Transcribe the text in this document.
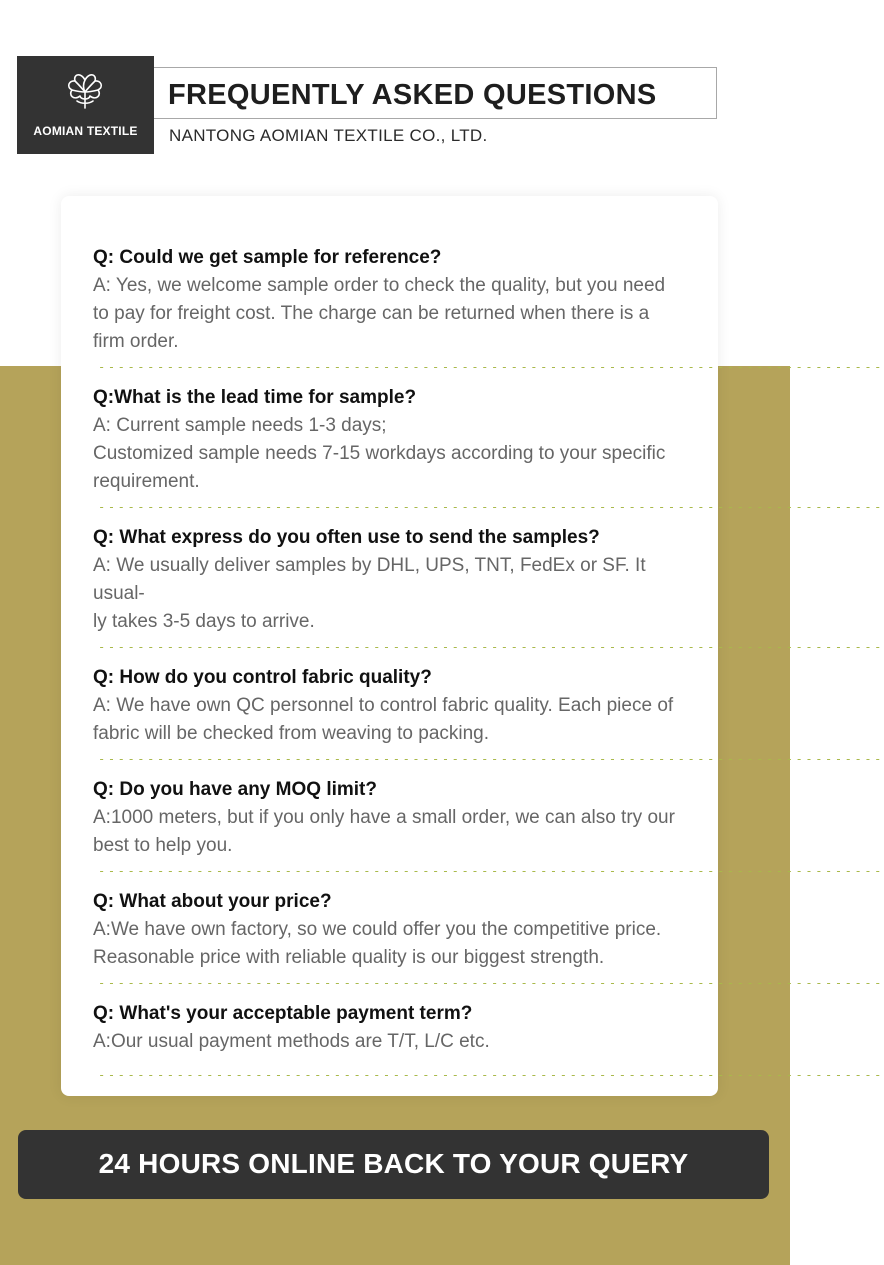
AOMIAN TEXTILE
FREQUENTLY ASKED QUESTIONS
NANTONG AOMIAN TEXTILE CO., LTD.
Q: Could we get sample for reference?
A: Yes, we welcome sample order to check the quality, but you need
to pay for freight cost. The charge can be returned when there is a
firm order.
--------------------------------------------------------------------------------
Q:What is the lead time for sample?
A: Current sample needs 1-3 days;
Customized sample needs 7-15 workdays according to your specific
requirement.
--------------------------------------------------------------------------------
Q: What express do you often use to send the samples?
A: We usually deliver samples by DHL, UPS, TNT, FedEx or SF. It usual-
ly takes 3-5 days to arrive.
--------------------------------------------------------------------------------
Q: How do you control fabric quality?
A: We have own QC personnel to control fabric quality. Each piece of
fabric will be checked from weaving to packing.
--------------------------------------------------------------------------------
Q: Do you have any MOQ limit?
A:1000 meters, but if you only have a small order, we can also try our
best to help you.
--------------------------------------------------------------------------------
Q: What about your price?
A:We have own factory, so we could offer you the competitive price.
Reasonable price with reliable quality is our biggest strength.
--------------------------------------------------------------------------------
Q: What's your acceptable payment term?
A:Our usual payment methods are T/T, L/C etc.
--------------------------------------------------------------------------------
24 HOURS ONLINE BACK TO YOUR QUERY
